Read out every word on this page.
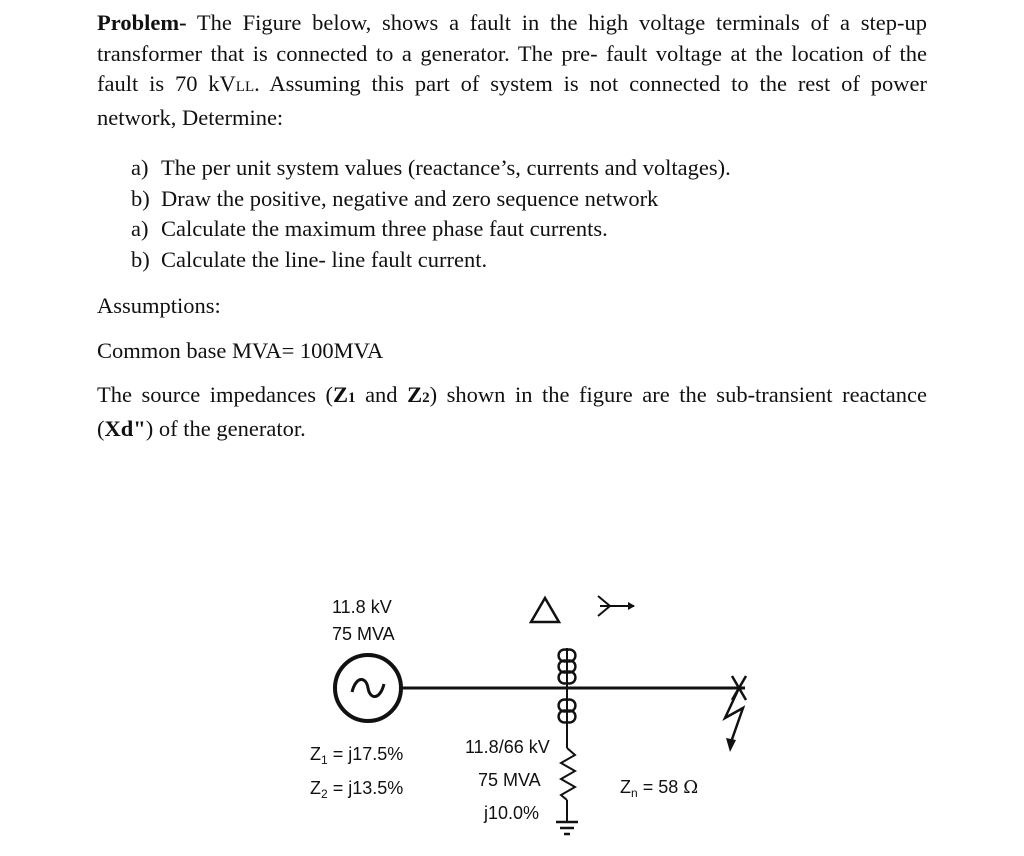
Problem- The Figure below, shows a fault in the high voltage terminals of a step-up transformer that is connected to a generator. The pre- fault voltage at the location of the fault is 70 kVLL. Assuming this part of system is not connected to the rest of power network, Determine:

a) The per unit system values (reactance’s, currents and voltages).
b) Draw the positive, negative and zero sequence network
a) Calculate the maximum three phase faut currents.
b) Calculate the line- line fault current.

Assumptions:

Common base MVA= 100MVA

The source impedances (Z1 and Z2) shown in the figure are the sub-transient reactance (Xd") of the generator.

11.8 kV
75 MVA
$Z_1 = j17.5\%$
$Z_2 = j13.5\%$
11.8/66 kV
75 MVA
j10.0%
$Z_n = 58$ Ω
